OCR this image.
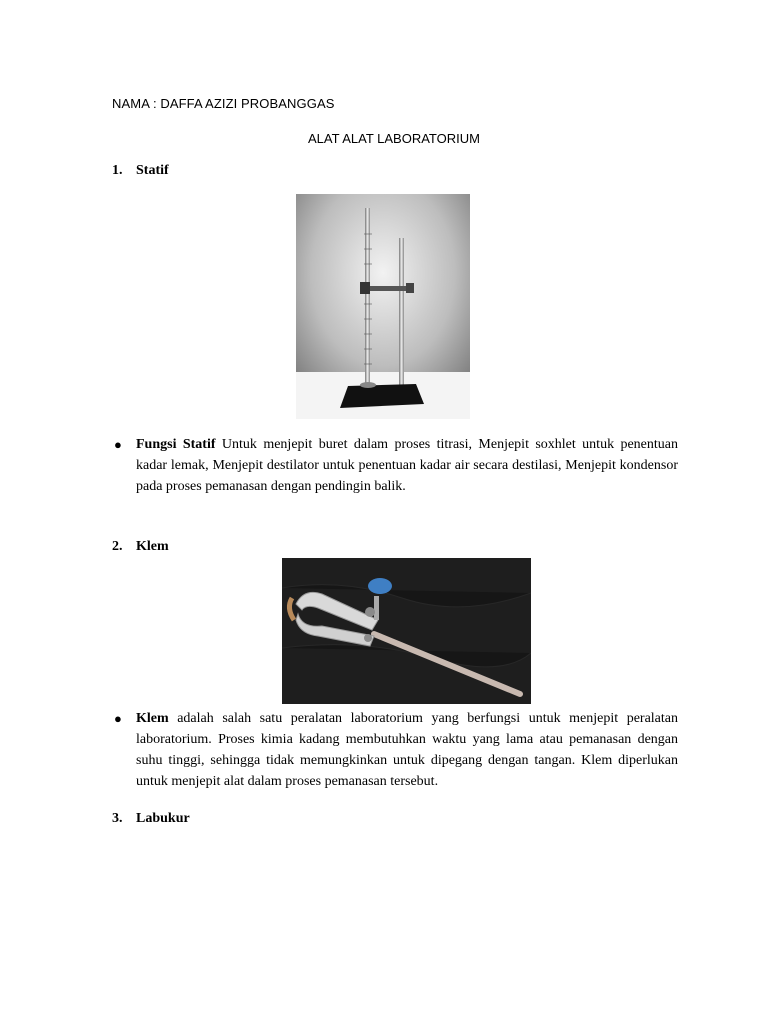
NAMA : DAFFA AZIZI PROBANGGAS
ALAT ALAT LABORATORIUM
1. Statif
● Fungsi Statif Untuk menjepit buret dalam proses titrasi, Menjepit soxhlet untuk penentuan kadar lemak, Menjepit destilator untuk penentuan kadar air secara destilasi, Menjepit kondensor pada proses pemanasan dengan pendingin balik.
2. Klem
● Klem adalah salah satu peralatan laboratorium yang berfungsi untuk menjepit peralatan laboratorium. Proses kimia kadang membutuhkan waktu yang lama atau pemanasan dengan suhu tinggi, sehingga tidak memungkinkan untuk dipegang dengan tangan. Klem diperlukan untuk menjepit alat dalam proses pemanasan tersebut.
3. Labukur
